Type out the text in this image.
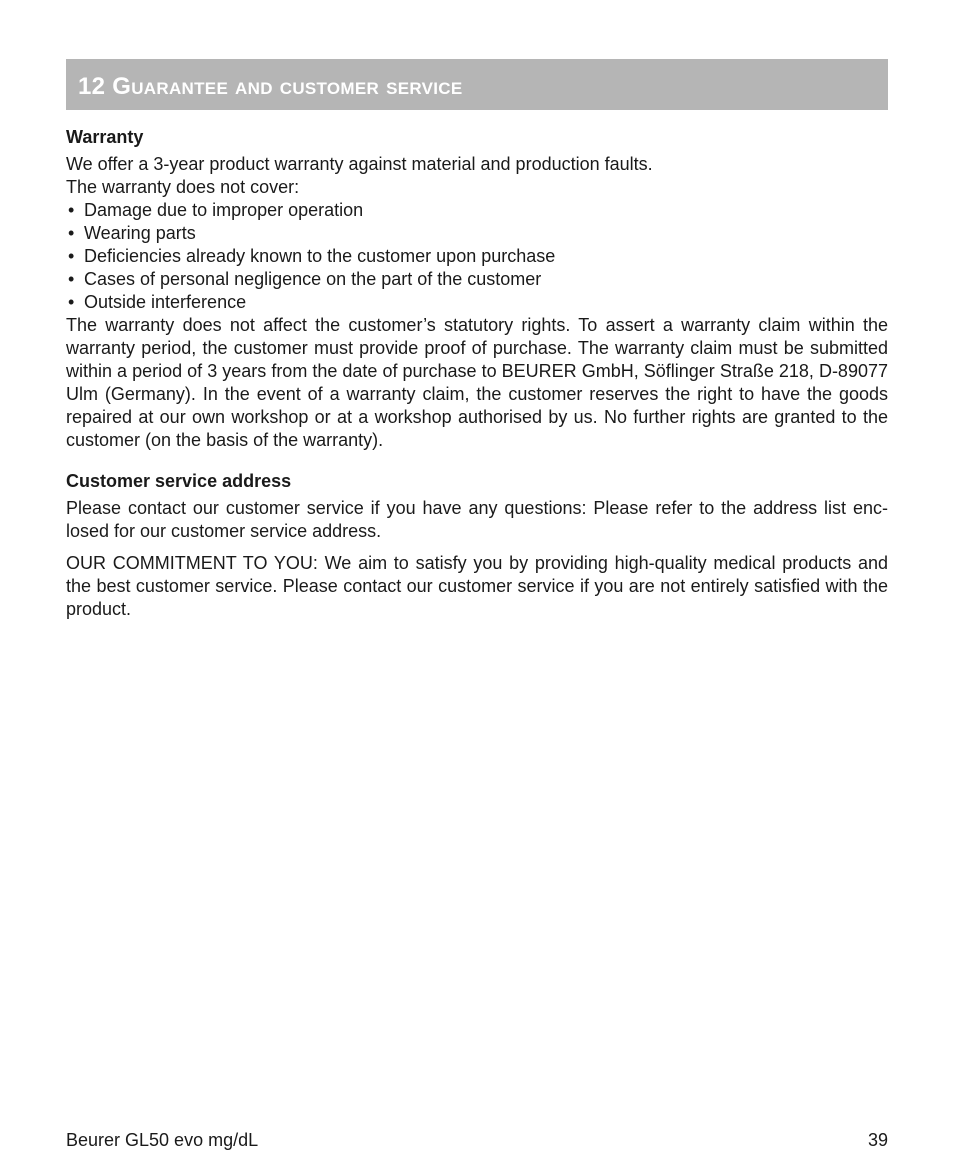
12 Guarantee and customer service
Warranty

We offer a 3-year product warranty against material and production faults.

The warranty does not cover:

• Damage due to improper operation
• Wearing parts
• Deficiencies already known to the customer upon purchase
• Cases of personal negligence on the part of the customer
• Outside interference

The warranty does not affect the customer’s statutory rights. To assert a warranty claim within the warranty period, the customer must provide proof of purchase. The warranty claim must be submitted within a period of 3 years from the date of purchase to BEURER GmbH, Söflinger Straße 218, D-89077 Ulm (Germany). In the event of a warranty claim, the customer reserves the right to have the goods repaired at our own workshop or at a workshop authorised by us. No further rights are granted to the customer (on the basis of the warranty).

Customer service address

Please contact our customer service if you have any questions: Please refer to the address list enclosed for our customer service address.

OUR COMMITMENT TO YOU: We aim to satisfy you by providing high-quality medical products and the best customer service. Please contact our customer service if you are not entirely satisfied with the product.

Beurer GL50 evo mg/dL	39
